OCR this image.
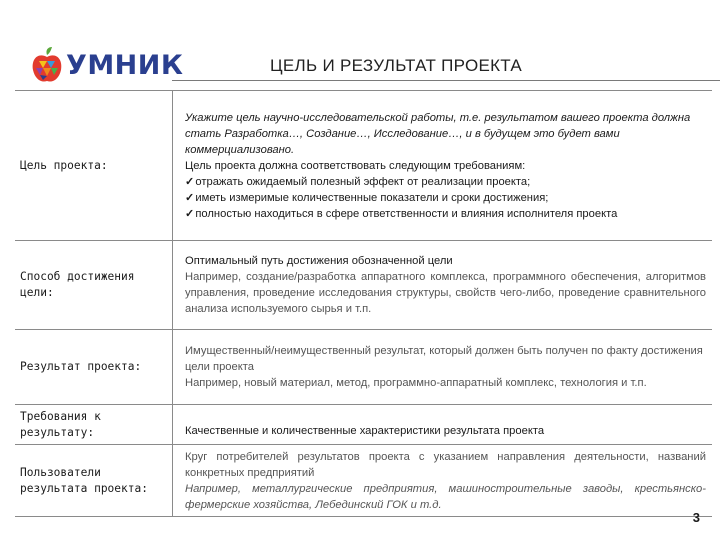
УМНИК	ЦЕЛЬ И РЕЗУЛЬТАТ ПРОЕКТА
Цель проекта:	Укажите цель научно-исследовательской работы, т.е. результатом вашего проекта должна стать Разработка…, Создание…, Исследование…, и в будущем это будет вами коммерциализовано.

Цель проекта должна соответствовать следующим требованиям:

✓ отражать ожидаемый полезный эффект от реализации проекта;

✓ иметь измеримые количественные показатели и сроки достижения;

✓ полностью находиться в сфере ответственности и влияния исполнителя проекта

Способ достижения цели:	Оптимальный путь достижения обозначенной цели

Например, создание/разработка аппаратного комплекса, программного обеспечения, алгоритмов управления, проведение исследования структуры, свойств чего-либо, проведение сравнительного анализа используемого сырья и т.п.

Результат проекта:	Имущественный/неимущественный результат, который должен быть получен по факту достижения цели проекта

Например, новый материал, метод, программно-аппаратный комплекс, технология и т.п.

Требования к результату:	Качественные и количественные характеристики результата проекта

Пользователи результата проекта:	Круг потребителей результатов проекта с указанием направления деятельности, названий конкретных предприятий

Например, металлургические предприятия, машиностроительные заводы, крестьянско-фермерские хозяйства, Лебединский ГОК и т.д.

3
